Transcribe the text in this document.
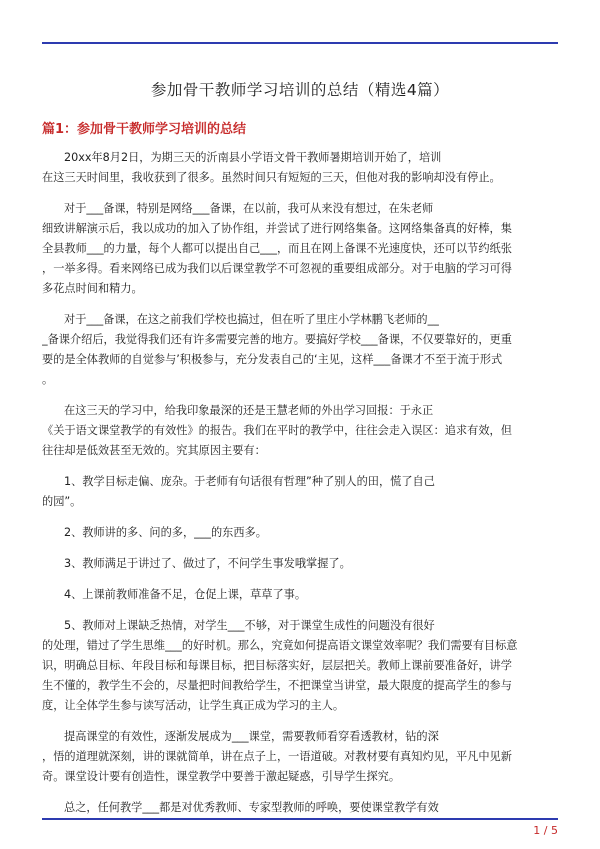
参加骨干教师学习培训的总结（精选4篇）
篇1：参加骨干教师学习培训的总结
20xx年8月2日，为期三天的沂南县小学语文骨干教师暑期培训开始了，培训
在这三天时间里，我收获到了很多。虽然时间只有短短的三天，但他对我的影响却没有停止。
对于___备课，特别是网络___备课，在以前，我可从来没有想过，在朱老师
细致讲解演示后，我以成功的加入了协作组，并尝试了进行网络集备。这网络集备真的好棒，集
全县教师___的力量，每个人都可以提出自己___，而且在网上备课不光速度快，还可以节约纸张
，一举多得。看来网络已成为我们以后课堂教学不可忽视的重要组成部分。对于电脑的学习可得
多花点时间和精力。
对于___备课，在这之前我们学校也搞过，但在听了里庄小学林鹏飞老师的__
_备课介绍后，我觉得我们还有许多需要完善的地方。要搞好学校___备课，不仅要靠好的，更重
要的是全体教师的自觉参与’积极参与，充分发表自己的‘主见，这样___备课才不至于流于形式
。
在这三天的学习中，给我印象最深的还是王慧老师的外出学习回报：于永正
《关于语文课堂教学的有效性》的报告。我们在平时的教学中，往往会走入误区：追求有效，但
往往却是低效甚至无效的。究其原因主要有：
1、教学目标走偏、庞杂。于老师有句话很有哲理”种了别人的田，慌了自己
的园”。
2、教师讲的多、问的多，___的东西多。
3、教师满足于讲过了、做过了，不问学生事发哦掌握了。
4、上课前教师准备不足，仓促上课，草草了事。
5、教师对上课缺乏热情，对学生___不够，对于课堂生成性的问题没有很好
的处理，错过了学生思维___的好时机。那么，究竟如何提高语文课堂效率呢？我们需要有目标意
识，明确总目标、年段目标和每课目标，把目标落实好，层层把关。教师上课前要准备好，讲学
生不懂的，教学生不会的，尽量把时间教给学生，不把课堂当讲堂，最大限度的提高学生的参与
度，让全体学生参与读写活动，让学生真正成为学习的主人。
提高课堂的有效性，逐渐发展成为___课堂，需要教师看穿看透教材，钻的深
，悟的道理就深刻，讲的课就简单，讲在点子上，一语道破。对教材要有真知灼见，平凡中见新
奇。课堂设计要有创造性，课堂教学中要善于激起疑惑，引导学生探究。
总之，任何教学___都是对优秀教师、专家型教师的呼唤，要使课堂教学有效
1 / 5
